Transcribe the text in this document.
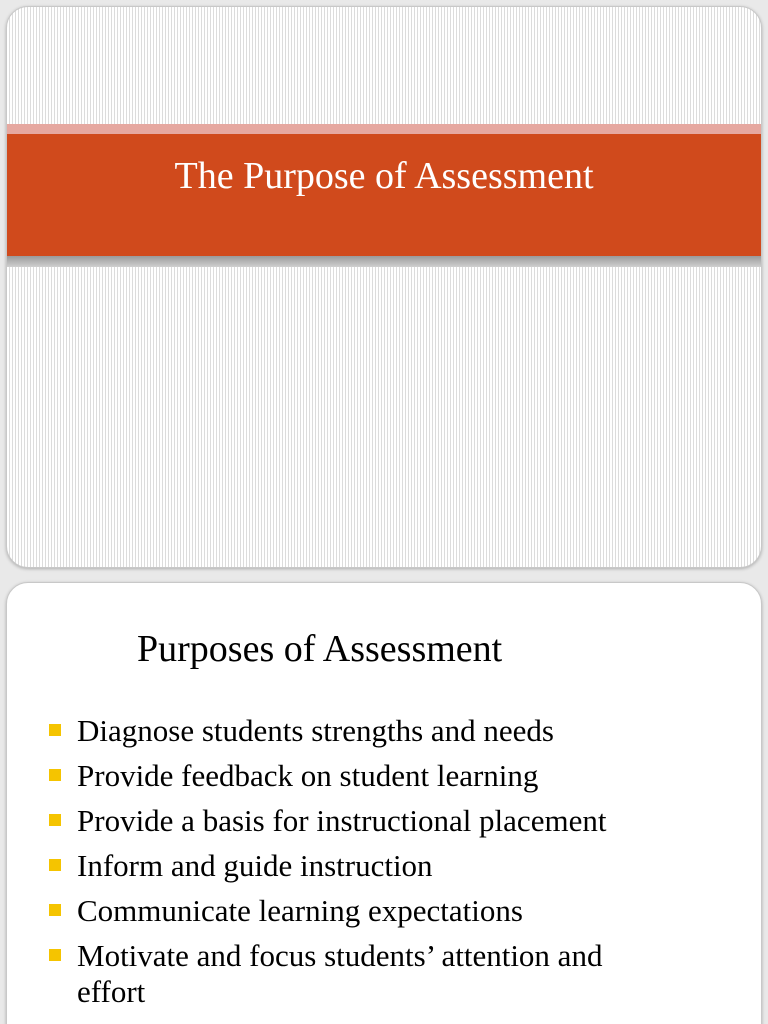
The Purpose of Assessment
Purposes of Assessment
Diagnose students strengths and needs
Provide feedback on student learning
Provide a basis for instructional placement
Inform and guide instruction
Communicate learning expectations
Motivate and focus students’ attention and effort
